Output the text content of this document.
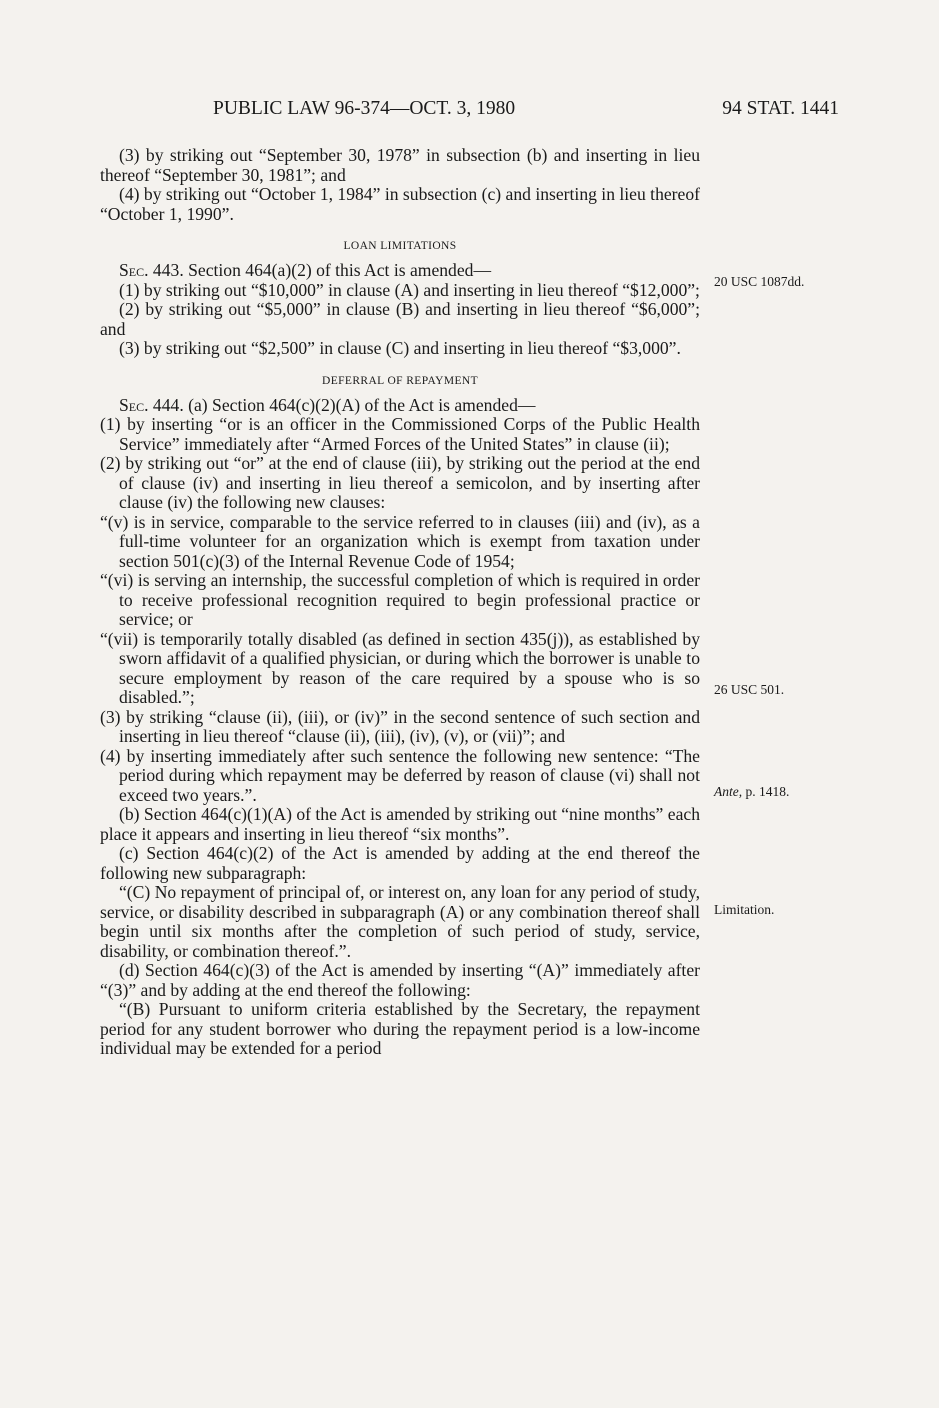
PUBLIC LAW 96-374—OCT. 3, 1980	94 STAT. 1441

(3) by striking out “September 30, 1978” in subsection (b) and inserting in lieu thereof “September 30, 1981”; and

(4) by striking out “October 1, 1984” in subsection (c) and inserting in lieu thereof “October 1, 1990”.

LOAN LIMITATIONS

Sec. 443. Section 464(a)(2) of this Act is amended—

(1) by striking out “$10,000” in clause (A) and inserting in lieu thereof “$12,000”;

(2) by striking out “$5,000” in clause (B) and inserting in lieu thereof “$6,000”; and

(3) by striking out “$2,500” in clause (C) and inserting in lieu thereof “$3,000”.

DEFERRAL OF REPAYMENT

Sec. 444. (a) Section 464(c)(2)(A) of the Act is amended—

(1) by inserting “or is an officer in the Commissioned Corps of the Public Health Service” immediately after “Armed Forces of the United States” in clause (ii);

(2) by striking out “or” at the end of clause (iii), by striking out the period at the end of clause (iv) and inserting in lieu thereof a semicolon, and by inserting after clause (iv) the following new clauses:

“(v) is in service, comparable to the service referred to in clauses (iii) and (iv), as a full-time volunteer for an organization which is exempt from taxation under section 501(c)(3) of the Internal Revenue Code of 1954;

“(vi) is serving an internship, the successful completion of which is required in order to receive professional recognition required to begin professional practice or service; or

“(vii) is temporarily totally disabled (as defined in section 435(j)), as established by sworn affidavit of a qualified physician, or during which the borrower is unable to secure employment by reason of the care required by a spouse who is so disabled.”;

(3) by striking “clause (ii), (iii), or (iv)” in the second sentence of such section and inserting in lieu thereof “clause (ii), (iii), (iv), (v), or (vii)”; and

(4) by inserting immediately after such sentence the following new sentence: “The period during which repayment may be deferred by reason of clause (vi) shall not exceed two years.”.

(b) Section 464(c)(1)(A) of the Act is amended by striking out “nine months” each place it appears and inserting in lieu thereof “six months”.

(c) Section 464(c)(2) of the Act is amended by adding at the end thereof the following new subparagraph:

“(C) No repayment of principal of, or interest on, any loan for any period of study, service, or disability described in subparagraph (A) or any combination thereof shall begin until six months after the completion of such period of study, service, disability, or combination thereof.”.

(d) Section 464(c)(3) of the Act is amended by inserting “(A)” immediately after “(3)” and by adding at the end thereof the following:

“(B) Pursuant to uniform criteria established by the Secretary, the repayment period for any student borrower who during the repayment period is a low-income individual may be extended for a period

20 USC 1087dd.
26 USC 501.
Ante, p. 1418.
Limitation.
